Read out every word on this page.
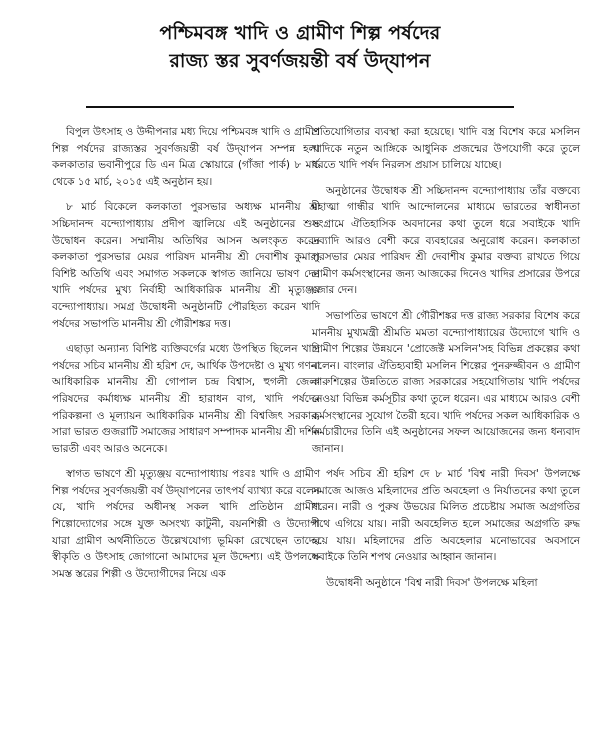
পশ্চিমবঙ্গ খাদি ও গ্রামীণ শিল্প পর্ষদের
রাজ্য স্তর সুবর্ণজয়ন্তী বর্ষ উদ্‌যাপন

বিপুল উৎসাহ ও উদ্দীপনার মধ্য দিয়ে পশ্চিমবঙ্গ খাদি ও গ্রামীণ শিল্প পর্ষদের রাজ্যস্তর সুবর্ণজয়ন্তী বর্ষ উদ্‌যাপন সম্পন্ন হল। কলকাতার ভবানীপুরে ডি এন মিত্র স্কোয়ারে (গাঁজা পার্ক) ৮ মার্চ থেকে ১৫ মার্চ, ২০১৫ এই অনুষ্ঠান হয়।

৮ মার্চ বিকেলে কলকাতা পুরসভার অধ্যক্ষ মাননীয় শ্রী সচ্চিদানন্দ বন্দ্যোপাধ্যায় প্রদীপ জ্বালিয়ে এই অনুষ্ঠানের শুভ উদ্বোধন করেন। সম্মানীয় অতিথির আসন অলংকৃত করেন কলকাতা পুরসভার মেয়র পারিষদ মাননীয় শ্রী দেবাশীষ কুমার। বিশিষ্ট অতিথি এবং সমাগত সকলকে স্বাগত জানিয়ে ভাষণ দেন খাদি পর্ষদের মুখ্য নির্বাহী আধিকারিক মাননীয় শ্রী মৃত্যুঞ্জয় বন্দ্যোপাধ্যায়। সমগ্র উদ্বোধনী অনুষ্ঠানটি পৌরহিত্য করেন খাদি পর্ষদের সভাপতি মাননীয় শ্রী গৌরীশঙ্কর দত্ত।

এছাড়া অন্যান্য বিশিষ্ট ব্যক্তিবর্গের মধ্যে উপস্থিত ছিলেন খাদি পর্ষদের সচিব মাননীয় শ্রী হরিশ দে, আর্থিক উপদেষ্টা ও মুখ্য গণনা আধিকারিক মাননীয় শ্রী গোপাল চন্দ্র বিশ্বাস, হুগলী জেলা পরিষদের কর্মাধ্যক্ষ মাননীয় শ্রী হারাধন বাগ, খাদি পর্ষদের পরিকল্পনা ও মূল্যায়ন আধিকারিক মাননীয় শ্রী বিশ্বজিৎ সরকার, সারা ভারত গুজরাটি সমাজের সাধারণ সম্পাদক মাননীয় শ্রী দর্শিন ভারতী এবং আরও অনেকে।

স্বাগত ভাষণে শ্রী মৃত্যুঞ্জয় বন্দ্যোপাধ্যায় পঃবঃ খাদি ও গ্রামীণ শিল্প পর্ষদের সুবর্ণজয়ন্তী বর্ষ উদ্‌যাপনের তাৎপর্য ব্যাখ্যা করে বলেন যে, খাদি পর্ষদের অধীনস্থ সকল খাদি প্রতিষ্ঠান গ্রামীণ শিল্পোদ্যোগের সঙ্গে যুক্ত অসংখ্য কাটুনী, বয়নশিল্পী ও উদ্যোগী যারা গ্রামীণ অর্থনীতিতে উল্লেখযোগ্য ভূমিকা রেখেছেন তাদের স্বীকৃতি ও উৎসাহ জোগানো আমাদের মূল উদ্দেশ্য। এই উপলক্ষে সমস্ত স্তরের শিল্পী ও উদ্যোগীদের নিয়ে এক

প্রতিযোগিতার ব্যবস্থা করা হয়েছে। খাদি বস্ত্র বিশেষ করে মসলিন খাদিকে নতুন আঙ্গিকে আধুনিক প্রজন্মের উপযোগী করে তুলে ধরতে খাদি পর্ষদ নিরলস প্রয়াস চালিয়ে যাচ্ছে।

অনুষ্ঠানের উদ্বোধক শ্রী সচ্চিদানন্দ বন্দ্যোপাধ্যায় তাঁর বক্তব্যে মহাত্মা গান্ধীর খাদি আন্দোলনের মাধ্যমে ভারতের স্বাধীনতা সংগ্রামে ঐতিহাসিক অবদানের কথা তুলে ধরে সবাইকে খাদি দ্রব্যাদি আরও বেশী করে ব্যবহারের অনুরোধ করেন। কলকাতা পুরসভার মেয়র পারিষদ শ্রী দেবাশীষ কুমার বক্তব্য রাখতে গিয়ে গ্রামীণ কর্মসংস্থানের জন্য আজকের দিনেও খাদির প্রসারের উপরে জোর দেন।

সভাপতির ভাষণে শ্রী গৌরীশঙ্কর দত্ত রাজ্য সরকার বিশেষ করে মাননীয় মুখ্যমন্ত্রী শ্রীমতি মমতা বন্দ্যোপাধ্যায়ের উদ্যোগে খাদি ও গ্রামীণ শিল্পের উন্নয়নে 'প্রোজেক্ট মসলিন'সহ বিভিন্ন প্রকল্পের কথা বলেন। বাংলার ঐতিহ্যবাহী মসলিন শিল্পের পুনরুজ্জীবন ও গ্রামীণ কারুশিল্পের উন্নতিতে রাজ্য সরকারের সহযোগিতায় খাদি পর্ষদের নেওয়া বিভিন্ন কর্মসূচীর কথা তুলে ধরেন। এর মাধ্যমে আরও বেশী কর্মসংস্থানের সুযোগ তৈরী হবে। খাদি পর্ষদের সকল আধিকারিক ও কর্মচারীদের তিনি এই অনুষ্ঠানের সফল আয়োজনের জন্য ধন্যবাদ জানান।

পর্ষদ সচিব শ্রী হরিশ দে ৮ মার্চ 'বিশ্ব নারী দিবস' উপলক্ষে সমাজে আজও মহিলাদের প্রতি অবহেলা ও নির্যাতনের কথা তুলে ধরেন। নারী ও পুরুষ উভয়ের মিলিত প্রচেষ্টায় সমাজ অগ্রগতির পথে এগিয়ে যায়। নারী অবহেলিত হলে সমাজের অগ্রগতি রুদ্ধ হয়ে যায়। মহিলাদের প্রতি অবহেলার মনোভাবের অবসানে সবাইকে তিনি শপথ নেওয়ার আহ্বান জানান।

উদ্বোধনী অনুষ্ঠানে 'বিশ্ব নারী দিবস' উপলক্ষে মহিলা
